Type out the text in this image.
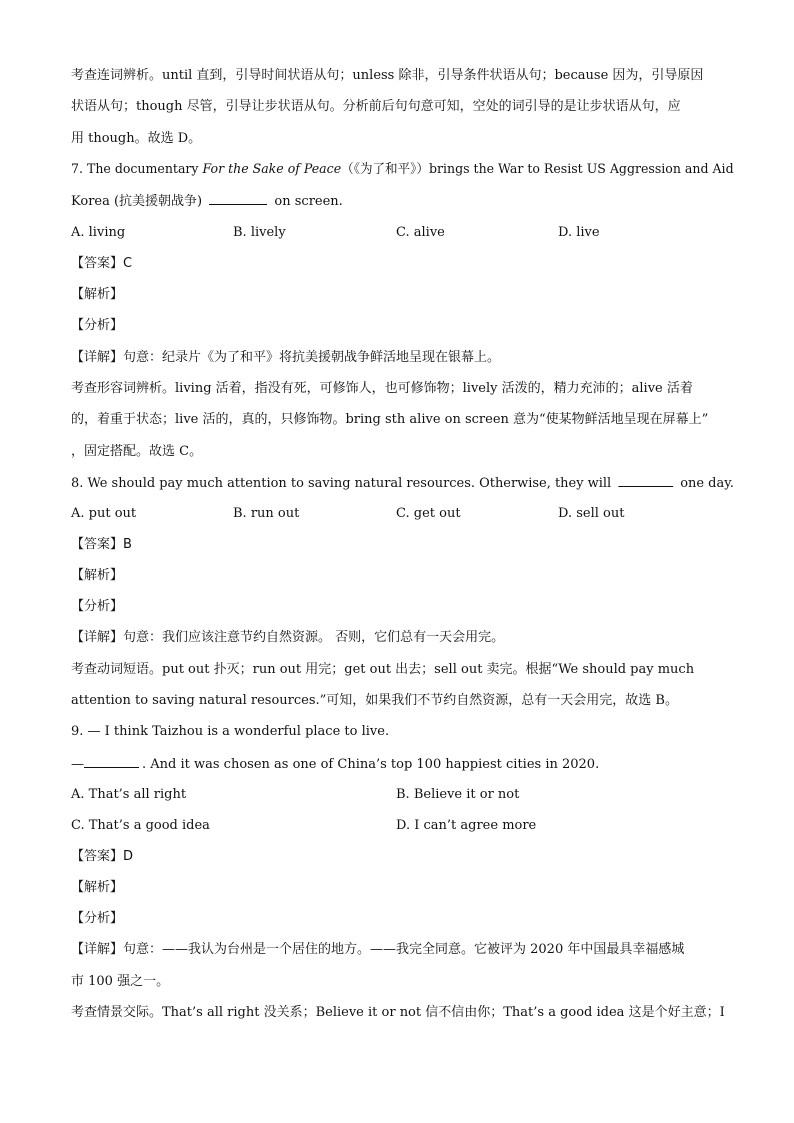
考查连词辨析。until 直到，引导时间状语从句；unless 除非，引导条件状语从句；because 因为，引导原因
状语从句；though 尽管，引导让步状语从句。分析前后句句意可知，空处的词引导的是让步状语从句，应
用 though。故选 D。
7. The documentary For the Sake of Peace（《为了和平》）brings the War to Resist US Aggression and Aid
Korea (抗美援朝战争)	on screen.
A. living	B. lively	C. alive	D. live
【答案】C
【解析】
【分析】
【详解】句意：纪录片《为了和平》将抗美援朝战争鲜活地呈现在银幕上。
考查形容词辨析。living 活着，指没有死，可修饰人，也可修饰物；lively 活泼的，精力充沛的；alive 活着
的，着重于状态；live 活的，真的，只修饰物。bring sth alive on screen 意为“使某物鲜活地呈现在屏幕上”
，固定搭配。故选 C。
8. We should pay much attention to saving natural resources. Otherwise, they will	one day.
A. put out	B. run out	C. get out	D. sell out
【答案】B
【解析】
【分析】
【详解】句意：我们应该注意节约自然资源。 否则，它们总有一天会用完。
考查动词短语。put out 扑灭；run out 用完；get out 出去；sell out 卖完。根据“We should pay much
attention to saving natural resources.”可知，如果我们不节约自然资源，总有一天会用完，故选 B。
9. — I think Taizhou is a wonderful place to live.
—	. And it was chosen as one of China’s top 100 happiest cities in 2020.
A. That’s all right	B. Believe it or not
C. That’s a good idea	D. I can’t agree more
【答案】D
【解析】
【分析】
【详解】句意：——我认为台州是一个居住的地方。——我完全同意。它被评为 2020 年中国最具幸福感城
市 100 强之一。
考查情景交际。That’s all right 没关系；Believe it or not 信不信由你；That’s a good idea 这是个好主意；I
